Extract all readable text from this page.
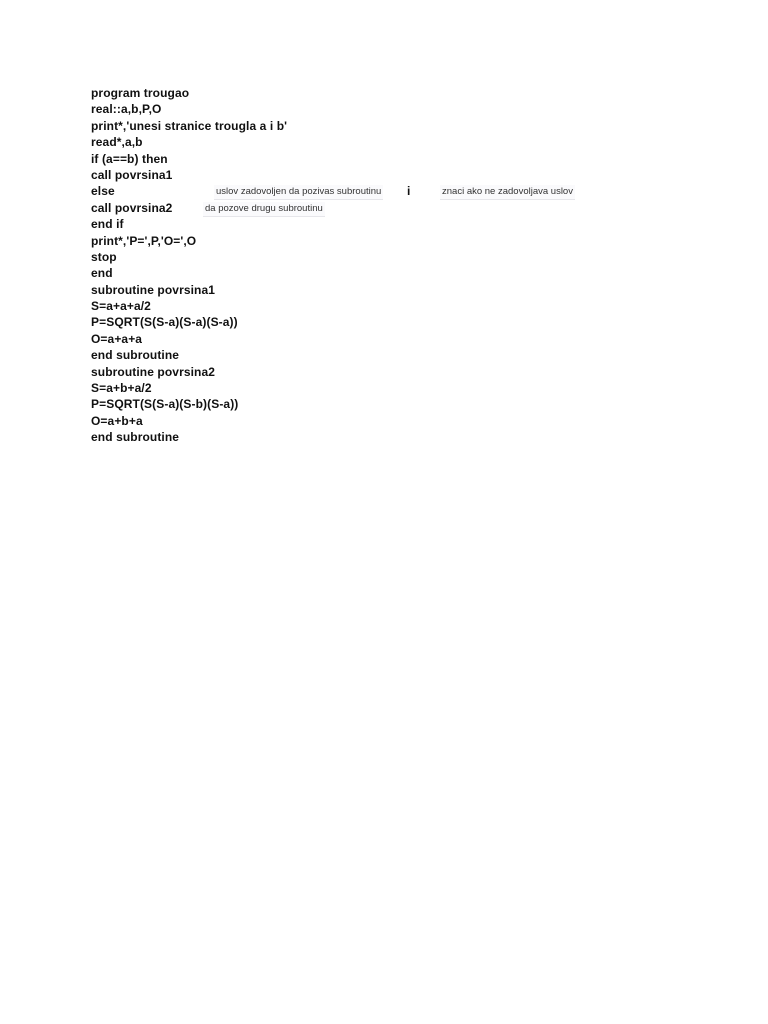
program trougao
real::a,b,P,O
print*,'unesi stranice trougla a i b'
read*,a,b
if (a==b) then
call povrsina1
else
call povrsina2
end if
print*,'P=',P,'O=',O
stop
end
subroutine povrsina1
S=a+a+a/2
P=SQRT(S(S-a)(S-a)(S-a))
O=a+a+a
end subroutine
subroutine povrsina2
S=a+b+a/2
P=SQRT(S(S-a)(S-b)(S-a))
O=a+b+a
end subroutine
uslov zadovoljen da pozivas subroutinu i	znaci ako ne zadovoljava uslov
da pozove drugu subroutinu
